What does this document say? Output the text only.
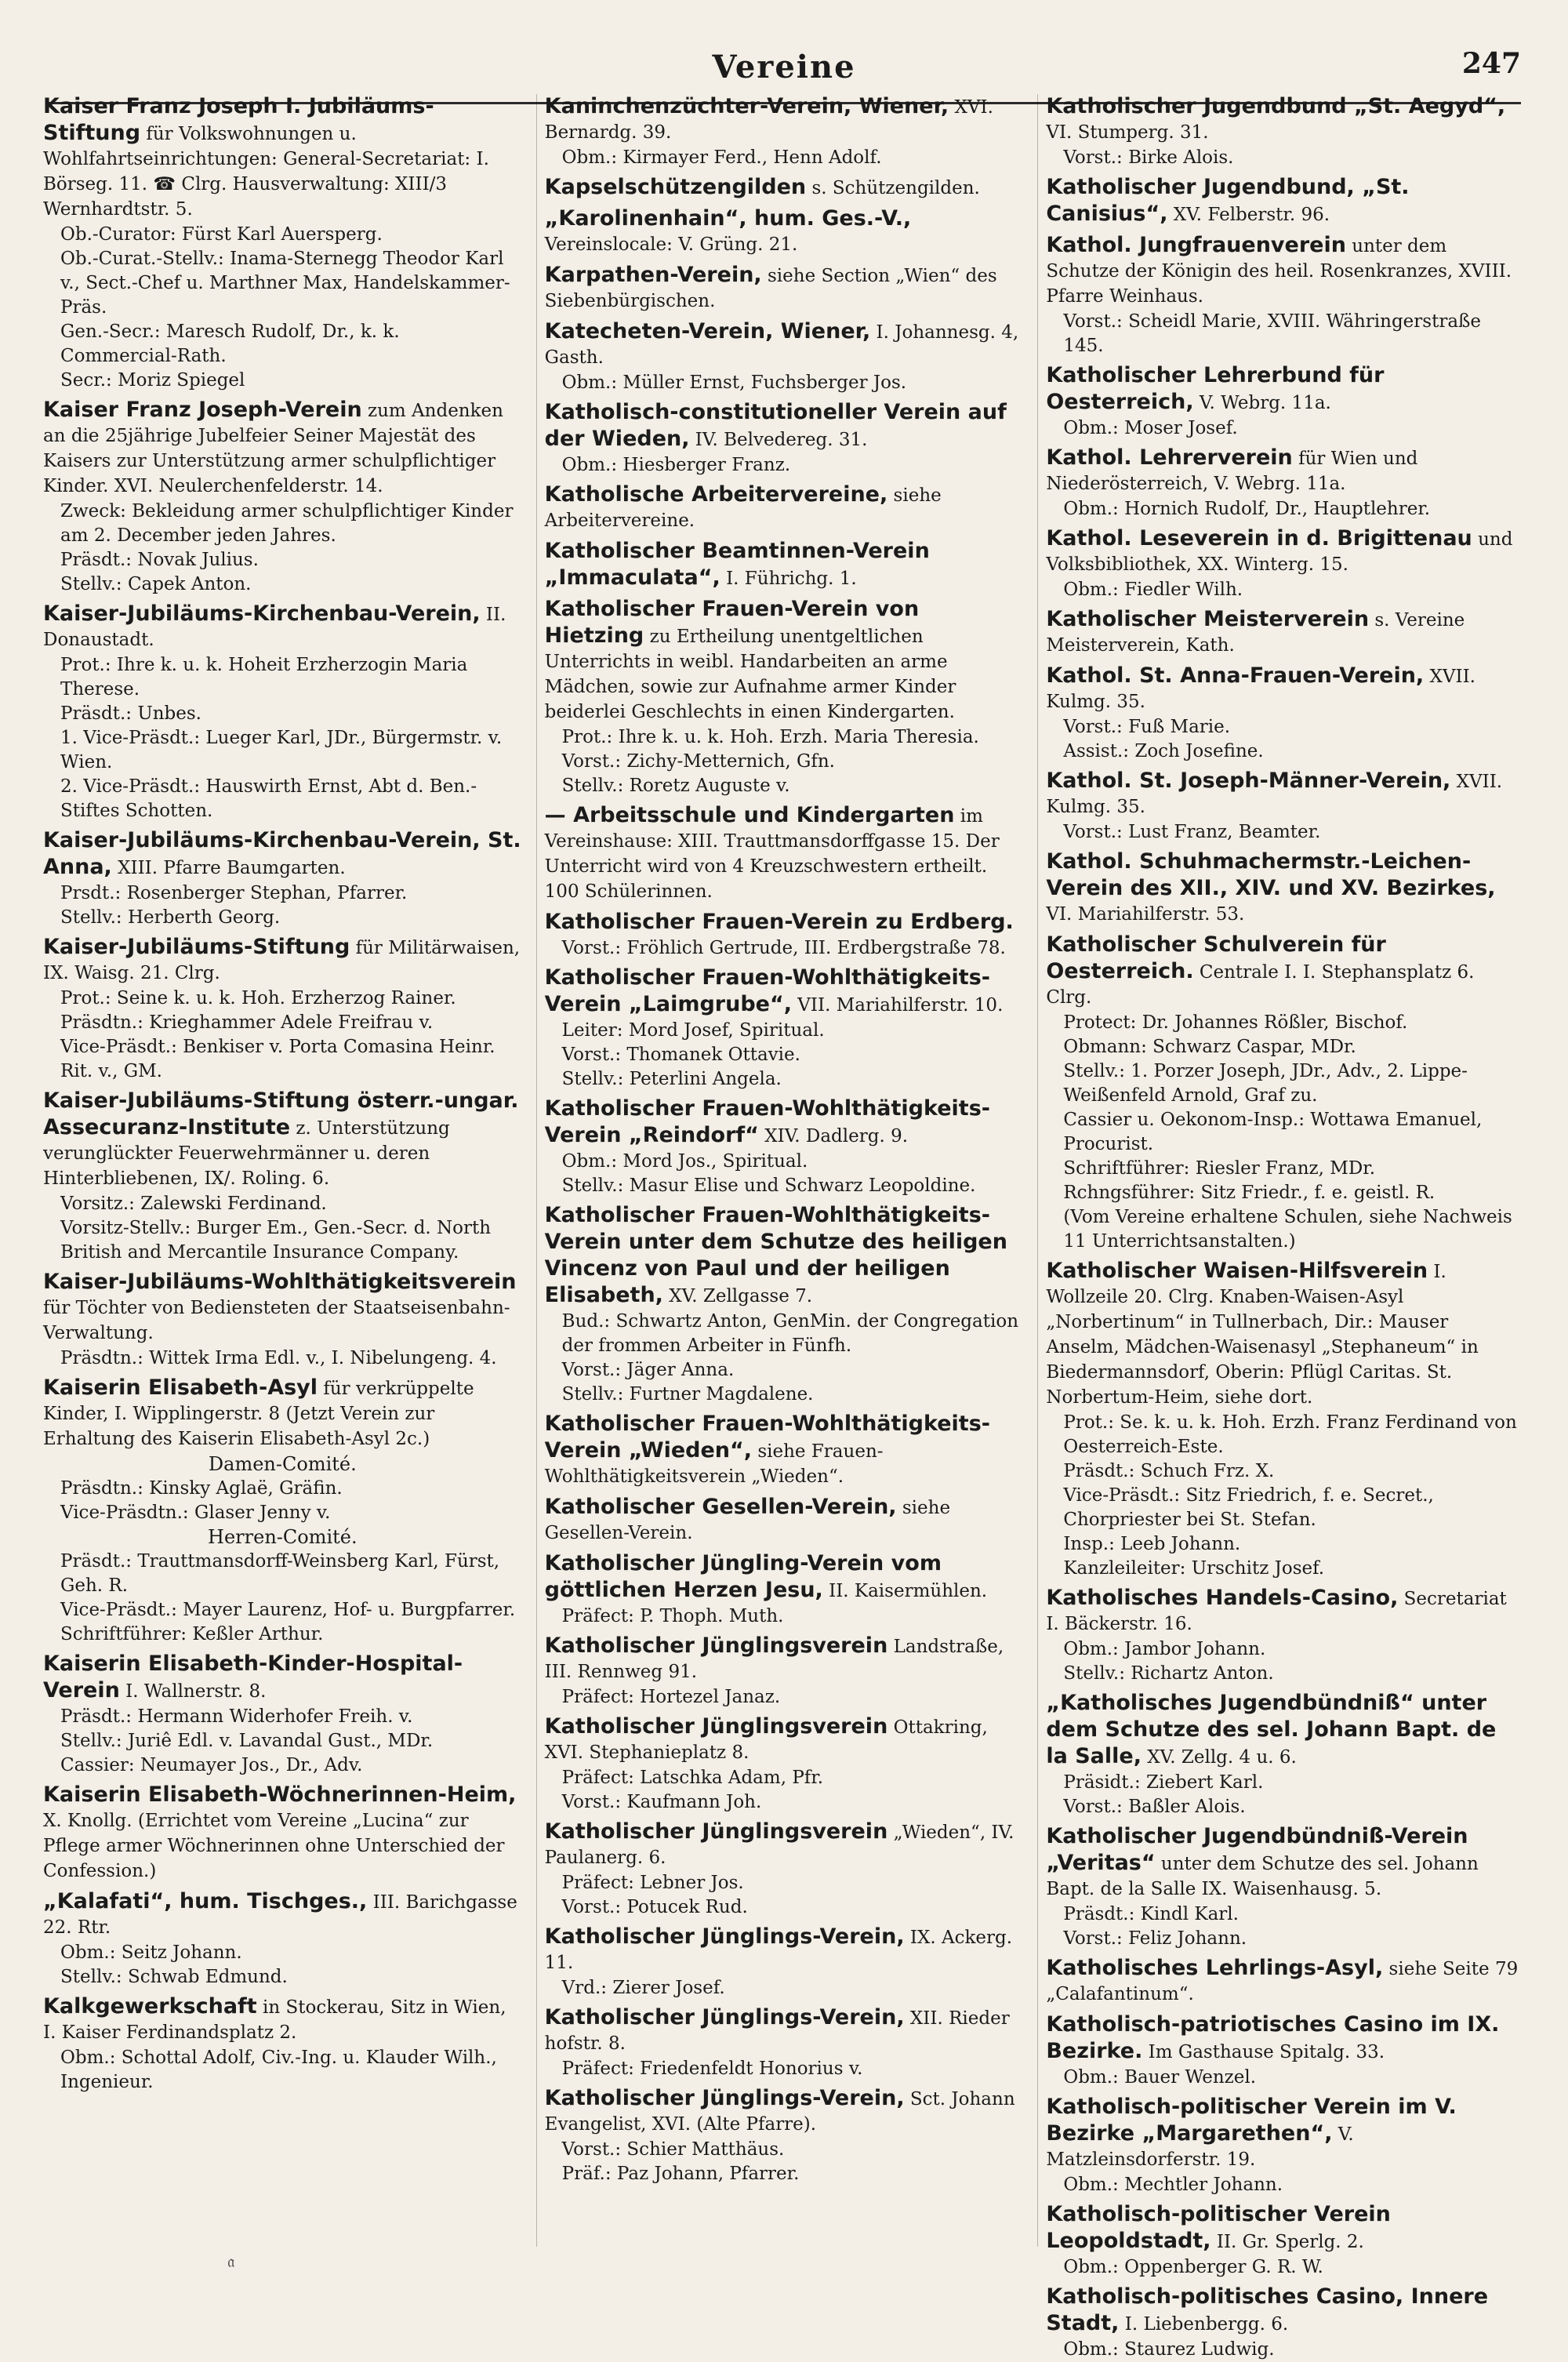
Vereine	247
Kaiser Franz Joseph I. Jubiläums-Stiftung für Volkswohnungen u. Wohlfahrtseinrichtungen: General-Secretariat: I. Börseg. 11. ☎ Clrg. Hausverwaltung: XIII/3 Wernhardtstr. 5.
Ob.-Curator: Fürst Karl Auersperg.
Ob.-Curat.-Stellv.: Inama-Sternegg Theodor Karl v., Sect.-Chef u. Marthner Max, Handelskammer-Präs.
Gen.-Secr.: Maresch Rudolf, Dr., k. k. Commercial-Rath.
Secr.: Moriz Spiegel
Kaiser Franz Joseph-Verein zum Andenken an die 25jährige Jubelfeier Seiner Majestät des Kaisers zur Unterstützung armer schulpflichtiger Kinder. XVI. Neulerchenfelderstr. 14.
Zweck: Bekleidung armer schulpflichtiger Kinder am 2. December jeden Jahres.
Präsdt.: Novak Julius.
Stellv.: Capek Anton.
Kaiser-Jubiläums-Kirchenbau-Verein, II. Donaustadt.
Prot.: Ihre k. u. k. Hoheit Erzherzogin Maria Therese.
Präsdt.: Unbes.
1. Vice-Präsdt.: Lueger Karl, JDr., Bürgermstr. v. Wien.
2. Vice-Präsdt.: Hauswirth Ernst, Abt d. Ben.-Stiftes Schotten.
Kaiser-Jubiläums-Kirchenbau-Verein, St. Anna, XIII. Pfarre Baumgarten.
Prsdt.: Rosenberger Stephan, Pfarrer.
Stellv.: Herberth Georg.
Kaiser-Jubiläums-Stiftung für Militärwaisen, IX. Waisg. 21. Clrg.
Prot.: Seine k. u. k. Hoh. Erzherzog Rainer.
Präsdtn.: Krieghammer Adele Freifrau v.
Vice-Präsdt.: Benkiser v. Porta Comasina Heinr. Rit. v., GM.
Kaiser-Jubiläums-Stiftung österr.-ungar. Assecuranz-Institute z. Unterstützung verunglückter Feuerwehrmänner u. deren Hinterbliebenen, IX/. Roling. 6.
Vorsitz.: Zalewski Ferdinand.
Vorsitz-Stellv.: Burger Em., Gen.-Secr. d. North British and Mercantile Insurance Company.
Kaiser-Jubiläums-Wohlthätigkeitsverein für Töchter von Bediensteten der Staatseisenbahn-Verwaltung.
Präsdtn.: Wittek Irma Edl. v., I. Nibelungeng. 4.
Kaiserin Elisabeth-Asyl für verkrüppelte Kinder, I. Wipplingerstr. 8 (Jetzt Verein zur Erhaltung des Kaiserin Elisabeth-Asyl 2c.)
Damen-Comité.
Präsdtn.: Kinsky Aglaë, Gräfin.
Vice-Präsdtn.: Glaser Jenny v.
Herren-Comité.
Präsdt.: Trauttmansdorff-Weinsberg Karl, Fürst, Geh. R.
Vice-Präsdt.: Mayer Laurenz, Hof- u. Burgpfarrer.
Schriftführer: Keßler Arthur.
Kaiserin Elisabeth-Kinder-Hospital-Verein I. Wallnerstr. 8.
Präsdt.: Hermann Widerhofer Freih. v.
Stellv.: Juriê Edl. v. Lavandal Gust., MDr.
Cassier: Neumayer Jos., Dr., Adv.
Kaiserin Elisabeth-Wöchnerinnen-Heim, X. Knollg. (Errichtet vom Vereine „Lucina“ zur Pflege armer Wöchnerinnen ohne Unterschied der Confession.)
„Kalafati“, hum. Tischges., III. Barichgasse 22. Rtr.
Obm.: Seitz Johann.
Stellv.: Schwab Edmund.
Kalkgewerkschaft in Stockerau, Sitz in Wien, I. Kaiser Ferdinandsplatz 2.
Obm.: Schottal Adolf, Civ.-Ing. u. Klauder Wilh., Ingenieur.
Kaninchenzüchter-Verein, Wiener, XVI. Bernardg. 39.
Obm.: Kirmayer Ferd., Henn Adolf.
Kapselschützengilden s. Schützengilden.
„Karolinenhain“, hum. Ges.-V., Vereinslocale: V. Grüng. 21.
Karpathen-Verein, siehe Section „Wien“ des Siebenbürgischen.
Katecheten-Verein, Wiener, I. Johannesg. 4, Gasth.
Obm.: Müller Ernst, Fuchsberger Jos.
Katholisch-constitutioneller Verein auf der Wieden, IV. Belvedereg. 31.
Obm.: Hiesberger Franz.
Katholische Arbeitervereine, siehe Arbeitervereine.
Katholischer Beamtinnen-Verein „Immaculata“, I. Führichg. 1.
Katholischer Frauen-Verein von Hietzing zu Ertheilung unentgeltlichen Unterrichts in weibl. Handarbeiten an arme Mädchen, sowie zur Aufnahme armer Kinder beiderlei Geschlechts in einen Kindergarten.
Prot.: Ihre k. u. k. Hoh. Erzh. Maria Theresia.
Vorst.: Zichy-Metternich, Gfn.
Stellv.: Roretz Auguste v.
— Arbeitsschule und Kindergarten im Vereinshause: XIII. Trauttmansdorffgasse 15. Der Unterricht wird von 4 Kreuzschwestern ertheilt. 100 Schülerinnen.
Katholischer Frauen-Verein zu Erdberg.
Vorst.: Fröhlich Gertrude, III. Erdbergstraße 78.
Katholischer Frauen-Wohlthätigkeits-Verein „Laimgrube“, VII. Mariahilferstr. 10.
Leiter: Mord Josef, Spiritual.
Vorst.: Thomanek Ottavie.
Stellv.: Peterlini Angela.
Katholischer Frauen-Wohlthätigkeits-Verein „Reindorf“ XIV. Dadlerg. 9.
Obm.: Mord Jos., Spiritual.
Stellv.: Masur Elise und Schwarz Leopoldine.
Katholischer Frauen-Wohlthätigkeits-Verein unter dem Schutze des heiligen Vincenz von Paul und der heiligen Elisabeth, XV. Zellgasse 7.
Bud.: Schwartz Anton, GenMin. der Congregation der frommen Arbeiter in Fünfh.
Vorst.: Jäger Anna.
Stellv.: Furtner Magdalene.
Katholischer Frauen-Wohlthätigkeits-Verein „Wieden“, siehe Frauen-Wohlthätigkeitsverein „Wieden“.
Katholischer Gesellen-Verein, siehe Gesellen-Verein.
Katholischer Jüngling-Verein vom göttlichen Herzen Jesu, II. Kaisermühlen.
Präfect: P. Thoph. Muth.
Katholischer Jünglingsverein Landstraße, III. Rennweg 91.
Präfect: Hortezel Janaz.
Katholischer Jünglingsverein Ottakring, XVI. Stephanieplatz 8.
Präfect: Latschka Adam, Pfr.
Vorst.: Kaufmann Joh.
Katholischer Jünglingsverein „Wieden“, IV. Paulanerg. 6.
Präfect: Lebner Jos.
Vorst.: Potucek Rud.
Katholischer Jünglings-Verein, IX. Ackerg. 11.
Vrd.: Zierer Josef.
Katholischer Jünglings-Verein, XII. Rieder hofstr. 8.
Präfect: Friedenfeldt Honorius v.
Katholischer Jünglings-Verein, Sct. Johann Evangelist, XVI. (Alte Pfarre).
Vorst.: Schier Matthäus.
Präf.: Paz Johann, Pfarrer.
Katholischer Jugendbund „St. Aegyd“, VI. Stumperg. 31.
Vorst.: Birke Alois.
Katholischer Jugendbund, „St. Canisius“, XV. Felberstr. 96.
Kathol. Jungfrauenverein unter dem Schutze der Königin des heil. Rosenkranzes, XVIII. Pfarre Weinhaus.
Vorst.: Scheidl Marie, XVIII. Währingerstraße 145.
Katholischer Lehrerbund für Oesterreich, V. Webrg. 11a.
Obm.: Moser Josef.
Kathol. Lehrerverein für Wien und Niederösterreich, V. Webrg. 11a.
Obm.: Hornich Rudolf, Dr., Hauptlehrer.
Kathol. Leseverein in d. Brigittenau und Volksbibliothek, XX. Winterg. 15.
Obm.: Fiedler Wilh.
Katholischer Meisterverein s. Vereine Meisterverein, Kath.
Kathol. St. Anna-Frauen-Verein, XVII. Kulmg. 35.
Vorst.: Fuß Marie.
Assist.: Zoch Josefine.
Kathol. St. Joseph-Männer-Verein, XVII. Kulmg. 35.
Vorst.: Lust Franz, Beamter.
Kathol. Schuhmachermstr.-Leichen-Verein des XII., XIV. und XV. Bezirkes, VI. Mariahilferstr. 53.
Katholischer Schulverein für Oesterreich. Centrale I. I. Stephansplatz 6. Clrg.
Protect: Dr. Johannes Rößler, Bischof.
Obmann: Schwarz Caspar, MDr.
Stellv.: 1. Porzer Joseph, JDr., Adv., 2. Lippe-Weißenfeld Arnold, Graf zu.
Cassier u. Oekonom-Insp.: Wottawa Emanuel, Procurist.
Schriftführer: Riesler Franz, MDr.
Rchngsführer: Sitz Friedr., f. e. geistl. R.
(Vom Vereine erhaltene Schulen, siehe Nachweis 11 Unterrichtsanstalten.)
Katholischer Waisen-Hilfsverein I. Wollzeile 20. Clrg. Knaben-Waisen-Asyl „Norbertinum“ in Tullnerbach, Dir.: Mauser Anselm, Mädchen-Waisenasyl „Stephaneum“ in Biedermannsdorf, Oberin: Pflügl Caritas. St. Norbertum-Heim, siehe dort.
Prot.: Se. k. u. k. Hoh. Erzh. Franz Ferdinand von Oesterreich-Este.
Präsdt.: Schuch Frz. X.
Vice-Präsdt.: Sitz Friedrich, f. e. Secret., Chorpriester bei St. Stefan.
Insp.: Leeb Johann.
Kanzleileiter: Urschitz Josef.
Katholisches Handels-Casino, Secretariat I. Bäckerstr. 16.
Obm.: Jambor Johann.
Stellv.: Richartz Anton.
„Katholisches Jugendbündniß“ unter dem Schutze des sel. Johann Bapt. de la Salle, XV. Zellg. 4 u. 6.
Präsidt.: Ziebert Karl.
Vorst.: Baßler Alois.
Katholischer Jugendbündniß-Verein „Veritas“ unter dem Schutze des sel. Johann Bapt. de la Salle IX. Waisenhausg. 5.
Präsdt.: Kindl Karl.
Vorst.: Feliz Johann.
Katholisches Lehrlings-Asyl, siehe Seite 79 „Calafantinum“.
Katholisch-patriotisches Casino im IX. Bezirke. Im Gasthause Spitalg. 33.
Obm.: Bauer Wenzel.
Katholisch-politischer Verein im V. Bezirke „Margarethen“, V. Matzleinsdorferstr. 19.
Obm.: Mechtler Johann.
Katholisch-politischer Verein Leopoldstadt, II. Gr. Sperlg. 2.
Obm.: Oppenberger G. R. W.
Katholisch-politisches Casino, Innere Stadt, I. Liebenbergg. 6.
Obm.: Staurez Ludwig.
𝔞
